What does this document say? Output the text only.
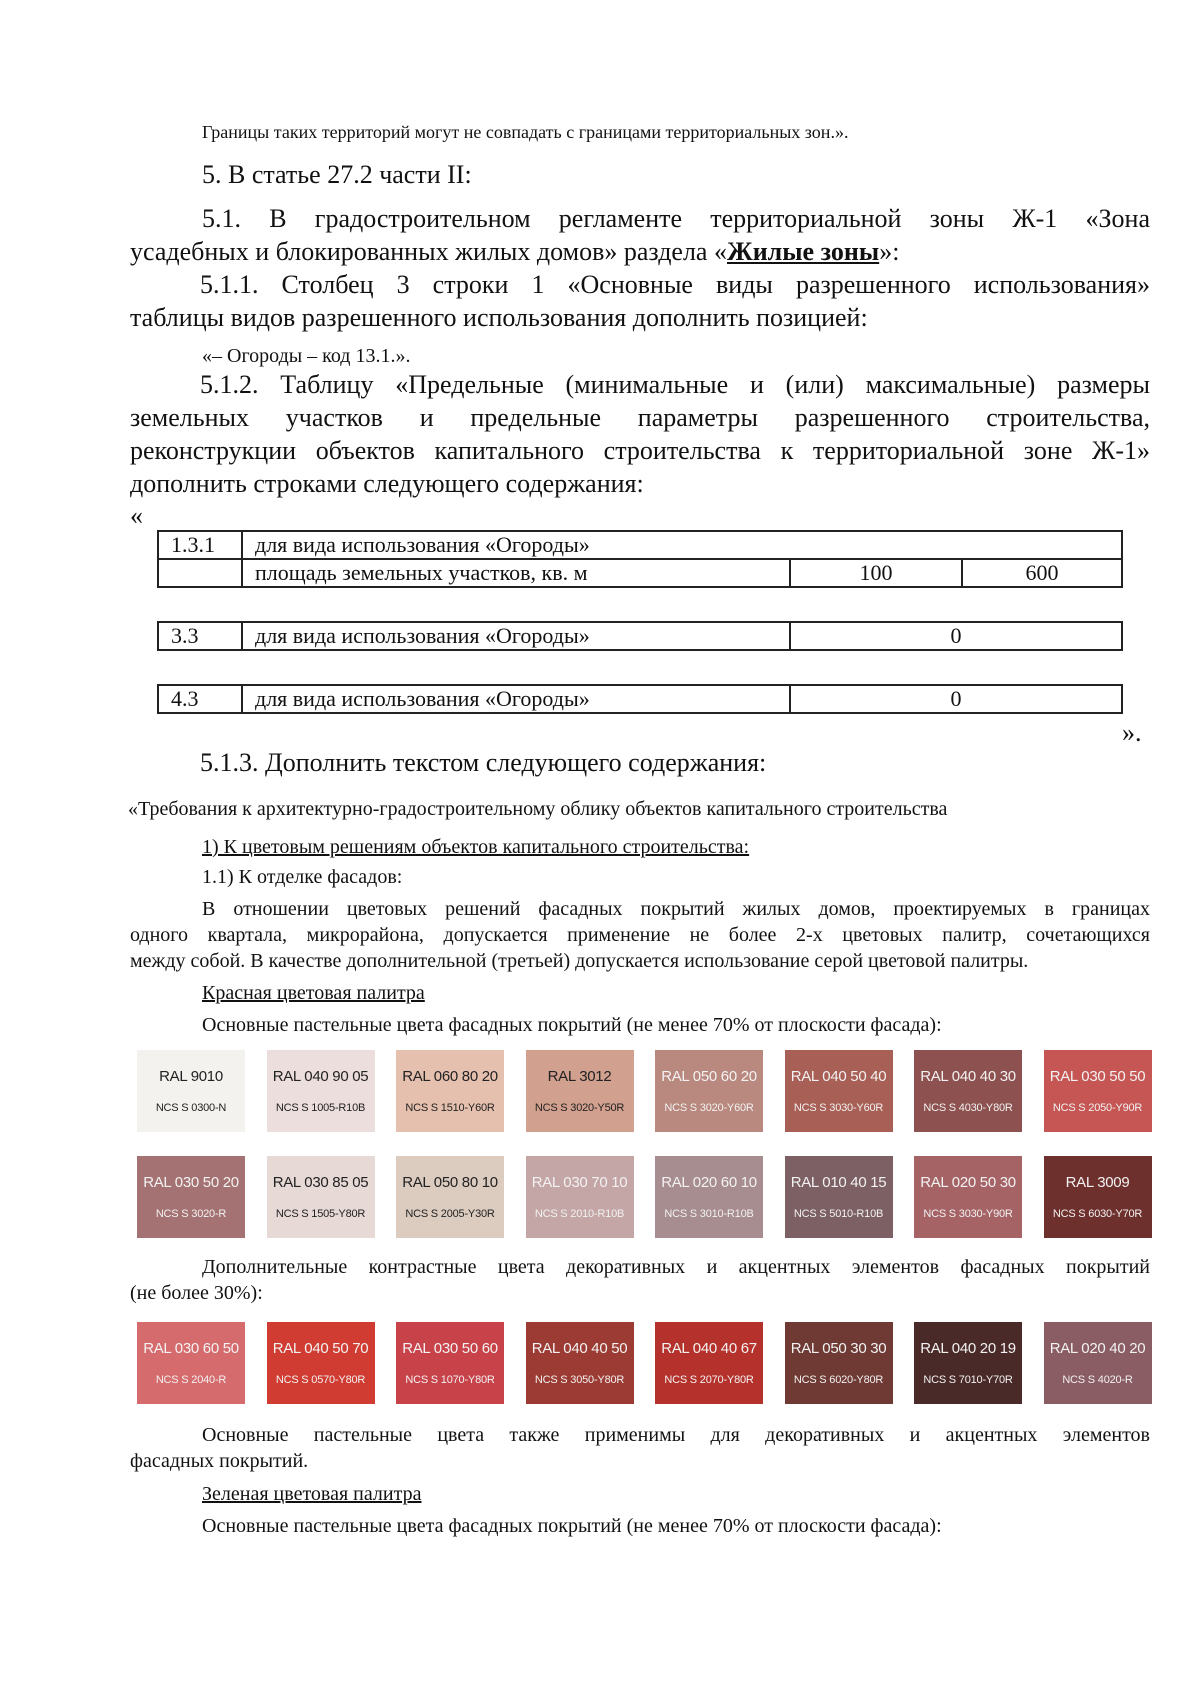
Границы таких территорий могут не совпадать с границами территориальных зон.».
5. В статье 27.2 части II:
5.1. В градостроительном регламенте территориальной зоны Ж-1 «Зона
усадебных и блокированных жилых домов» раздела «Жилые зоны»:
5.1.1. Столбец 3 строки 1 «Основные виды разрешенного использования»
таблицы видов разрешенного использования дополнить позицией:
«– Огороды – код 13.1.».
5.1.2. Таблицу «Предельные (минимальные и (или) максимальные) размеры
земельных участков и предельные параметры разрешенного строительства,
реконструкции объектов капитального строительства к территориальной зоне Ж-1»
дополнить строками следующего содержания:
«
1.3.1	для вида использования «Огороды»		
	площадь земельных участков, кв. м	100	600
3.3	для вида использования «Огороды»	0
4.3	для вида использования «Огороды»	0
».
5.1.3. Дополнить текстом следующего содержания:
«Требования к архитектурно-градостроительному облику объектов капитального строительства
1) К цветовым решениям объектов капитального строительства:
1.1) К отделке фасадов:
В отношении цветовых решений фасадных покрытий жилых домов, проектируемых в границах
одного квартала, микрорайона, допускается применение не более 2-х цветовых палитр, сочетающихся
между собой. В качестве дополнительной (третьей) допускается использование серой цветовой палитры.
Красная цветовая палитра
Основные пастельные цвета фасадных покрытий (не менее 70% от плоскости фасада):
RAL 9010
NCS S 0300-N
RAL 040 90 05
NCS S 1005-R10B
RAL 060 80 20
NCS S 1510-Y60R
RAL 3012
NCS S 3020-Y50R
RAL 050 60 20
NCS S 3020-Y60R
RAL 040 50 40
NCS S 3030-Y60R
RAL 040 40 30
NCS S 4030-Y80R
RAL 030 50 50
NCS S 2050-Y90R
RAL 030 50 20
NCS S 3020-R
RAL 030 85 05
NCS S 1505-Y80R
RAL 050 80 10
NCS S 2005-Y30R
RAL 030 70 10
NCS S 2010-R10B
RAL 020 60 10
NCS S 3010-R10B
RAL 010 40 15
NCS S 5010-R10B
RAL 020 50 30
NCS S 3030-Y90R
RAL 3009
NCS S 6030-Y70R
Дополнительные контрастные цвета декоративных и акцентных элементов фасадных покрытий
(не более 30%):
RAL 030 60 50
NCS S 2040-R
RAL 040 50 70
NCS S 0570-Y80R
RAL 030 50 60
NCS S 1070-Y80R
RAL 040 40 50
NCS S 3050-Y80R
RAL 040 40 67
NCS S 2070-Y80R
RAL 050 30 30
NCS S 6020-Y80R
RAL 040 20 19
NCS S 7010-Y70R
RAL 020 40 20
NCS S 4020-R
Основные пастельные цвета также применимы для декоративных и акцентных элементов
фасадных покрытий.
Зеленая цветовая палитра
Основные пастельные цвета фасадных покрытий (не менее 70% от плоскости фасада):
